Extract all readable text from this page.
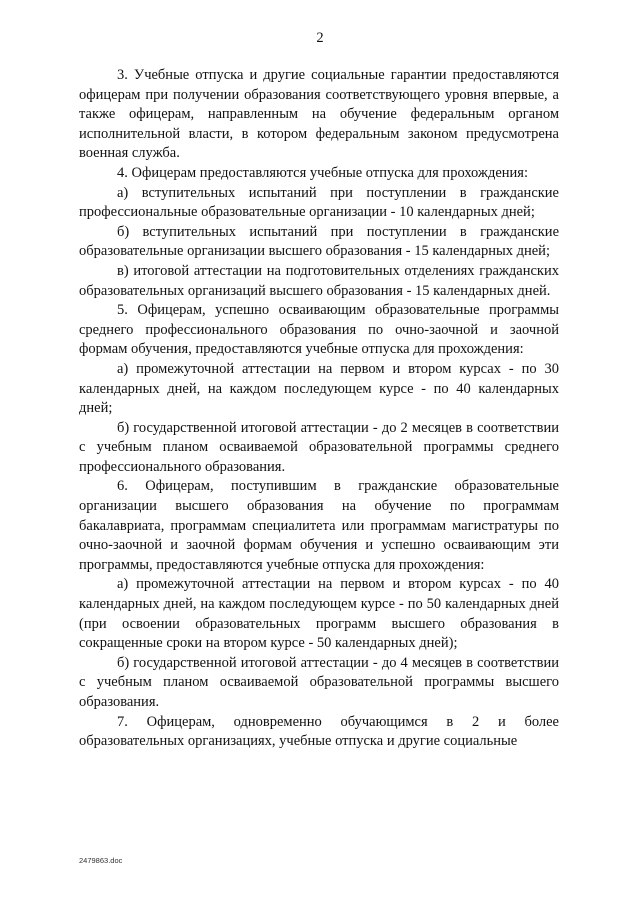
2

3. Учебные отпуска и другие социальные гарантии предоставляются офицерам при получении образования соответствующего уровня впервые, а также офицерам, направленным на обучение федеральным органом исполнительной власти, в котором федеральным законом предусмотрена военная служба.

4. Офицерам предоставляются учебные отпуска для прохождения:

а) вступительных испытаний при поступлении в гражданские профессиональные образовательные организации - 10 календарных дней;

б) вступительных испытаний при поступлении в гражданские образовательные организации высшего образования - 15 календарных дней;

в) итоговой аттестации на подготовительных отделениях гражданских образовательных организаций высшего образования - 15 календарных дней.

5. Офицерам, успешно осваивающим образовательные программы среднего профессионального образования по очно-заочной и заочной формам обучения, предоставляются учебные отпуска для прохождения:

а) промежуточной аттестации на первом и втором курсах - по 30 календарных дней, на каждом последующем курсе - по 40 календарных дней;

б) государственной итоговой аттестации - до 2 месяцев в соответствии с учебным планом осваиваемой образовательной программы среднего профессионального образования.

6. Офицерам, поступившим в гражданские образовательные организации высшего образования на обучение по программам бакалавриата, программам специалитета или программам магистратуры по очно-заочной и заочной формам обучения и успешно осваивающим эти программы, предоставляются учебные отпуска для прохождения:

а) промежуточной аттестации на первом и втором курсах - по 40 календарных дней, на каждом последующем курсе - по 50 календарных дней (при освоении образовательных программ высшего образования в сокращенные сроки на втором курсе - 50 календарных дней);

б) государственной итоговой аттестации - до 4 месяцев в соответствии с учебным планом осваиваемой образовательной программы высшего образования.

7. Офицерам, одновременно обучающимся в 2 и более образовательных организациях, учебные отпуска и другие социальные

2479863.doc
